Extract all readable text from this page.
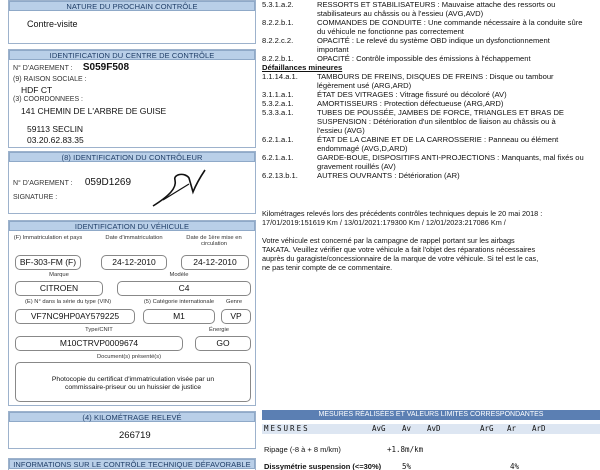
NATURE DU PROCHAIN CONTRÔLE
Contre-visite
IDENTIFICATION DU CENTRE DE CONTRÔLE
N° D'AGREMENT : S059F508
(9) RAISON SOCIALE :
HDF CT
(3) COORDONNEES :
141 CHEMIN DE L'ARBRE DE GUISE
59113 SECLIN
03.20.62.83.35
(8) IDENTIFICATION DU CONTRÔLEUR
N° D'AGREMENT : 059D1269
SIGNATURE :
IDENTIFICATION DU VÉHICULE
(F) Immatriculation et pays	Date d'immatriculation	Date de 1ère mise en circulation
BF-303-FM (F)	24-12-2010	24-12-2010
Marque	Modèle
CITROEN	C4
(E) N° dans la série du type (VIN)	(5) Catégorie internationale	Genre
VF7NC9HP0AY579225	M1	VP
Type/CNIT	Énergie
M10CTRVP0009674	GO
Document(s) présenté(s)
Photocopie du certificat d'immatriculation visée par un commissaire-priseur ou un huissier de justice
(4) KILOMÉTRAGE RELEVÉ
266719
INFORMATIONS SUR LE CONTRÔLE TECHNIQUE DÉFAVORABLE
5.3.1.a.2.	RESSORTS ET STABILISATEURS : Mauvaise attache des ressorts ou
stabilisateurs au châssis ou à l'essieu (AVG,AVD)
8.2.2.b.1.	COMMANDES DE CONDUITE : Une commande nécessaire à la conduite sûre
du véhicule ne fonctionne pas correctement
8.2.2.c.2.	OPACITÉ : Le relevé du système OBD indique un dysfonctionnement
important
8.2.2.b.1.	OPACITÉ : Contrôle impossible des émissions à l'échappement
Défaillances mineures
1.1.14.a.1.	TAMBOURS DE FREINS, DISQUES DE FREINS : Disque ou tambour
légèrement usé (ARG,ARD)
3.1.1.a.1.	ÉTAT DES VITRAGES : Vitrage fissuré ou décoloré (AV)
5.3.2.a.1.	AMORTISSEURS : Protection défectueuse (ARG,ARD)
5.3.3.a.1.	TUBES DE POUSSÉE, JAMBES DE FORCE, TRIANGLES ET BRAS DE
SUSPENSION : Détérioration d'un silentbloc de liaison au châssis ou à
l'essieu (AVG)
6.2.1.a.1.	ÉTAT DE LA CABINE ET DE LA CARROSSERIE : Panneau ou élément
endommagé (AVG,D,ARD)
6.2.1.a.1.	GARDE-BOUE, DISPOSITIFS ANTI-PROJECTIONS : Manquants, mal fixés ou
gravement rouillés (AV)
6.2.13.b.1.	AUTRES OUVRANTS : Détérioration (AR)
Kilométrages relevés lors des précédents contrôles techniques depuis le 20 mai 2018 :
17/01/2019:151619 Km / 13/01/2021:179300 Km / 12/01/2023:217086 Km /
Votre véhicule est concerné par la campagne de rappel portant sur les airbags
TAKATA. Veuillez vérifier que votre véhicule a fait l'objet des réparations nécessaires
auprès du garagiste/concessionnaire de la marque de votre véhicule. Si tel est le cas,
ne pas tenir compte de ce commentaire.
MESURES RÉALISÉES ET VALEURS LIMITES CORRESPONDANTES
MESURES	AvG Av AvD	ArG Ar ArD
Ripage (-8 à + 8 m/km)	+1.8m/km
Dissymétrie suspension (<=30%)	5%	4%
